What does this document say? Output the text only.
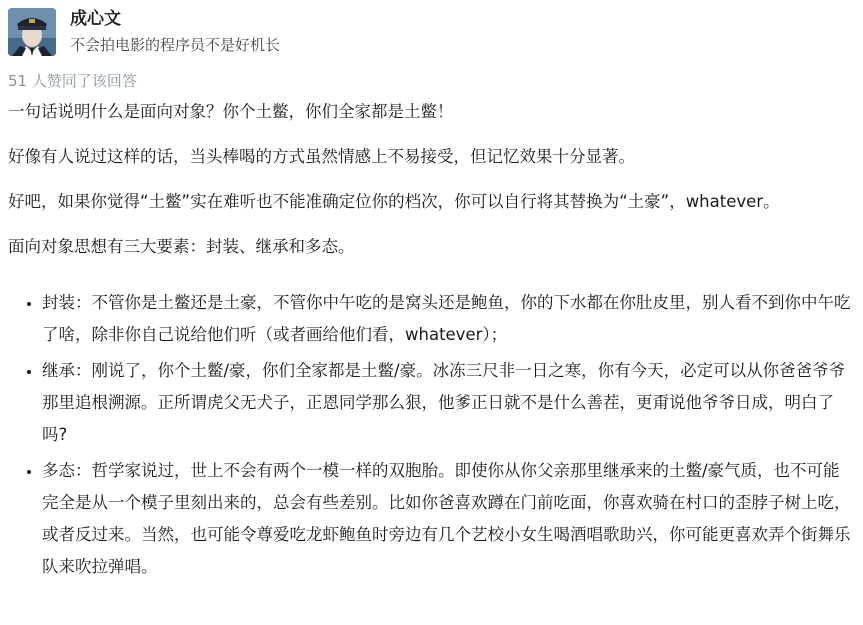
成心文
不会拍电影的程序员不是好机长
51 人赞同了该回答

一句话说明什么是面向对象？你个土鳖，你们全家都是土鳖！

好像有人说过这样的话，当头棒喝的方式虽然情感上不易接受，但记忆效果十分显著。

好吧，如果你觉得“土鳖”实在难听也不能准确定位你的档次，你可以自行将其替换为“土豪”，whatever。

面向对象思想有三大要素：封装、继承和多态。

• 封装：不管你是土鳖还是土豪，不管你中午吃的是窝头还是鲍鱼，你的下水都在你肚皮里，别人看不到你中午吃了啥，除非你自己说给他们听（或者画给他们看，whatever）；
• 继承：刚说了，你个土鳖/豪，你们全家都是土鳖/豪。冰冻三尺非一日之寒，你有今天，必定可以从你爸爸爷爷那里追根溯源。正所谓虎父无犬子，正恩同学那么狠，他爹正日就不是什么善茬，更甭说他爷爷日成，明白了吗?
• 多态：哲学家说过，世上不会有两个一模一样的双胞胎。即使你从你父亲那里继承来的土鳖/豪气质，也不可能完全是从一个模子里刻出来的，总会有些差别。比如你爸喜欢蹲在门前吃面，你喜欢骑在村口的歪脖子树上吃，或者反过来。当然，也可能令尊爱吃龙虾鲍鱼时旁边有几个艺校小女生喝酒唱歌助兴，你可能更喜欢弄个街舞乐队来吹拉弹唱。
